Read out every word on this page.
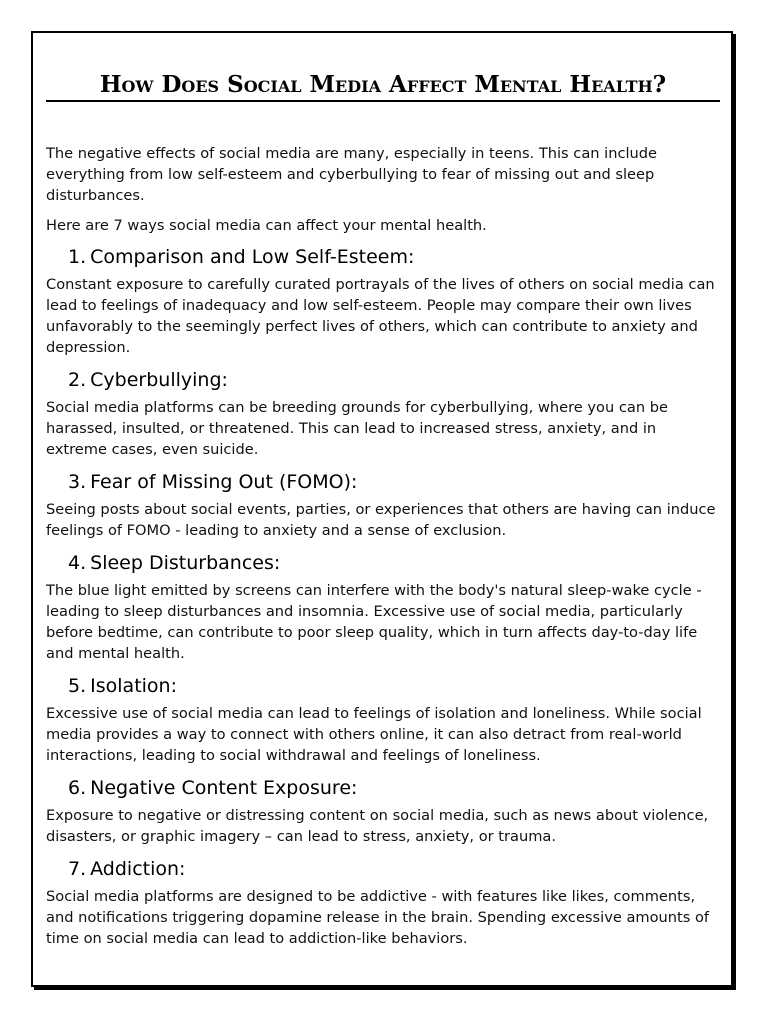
How Does Social Media Affect Mental Health?

The negative effects of social media are many, especially in teens. This can include everything from low self-esteem and cyberbullying to fear of missing out and sleep disturbances.

Here are 7 ways social media can affect your mental health.

1. Comparison and Low Self-Esteem:

Constant exposure to carefully curated portrayals of the lives of others on social media can lead to feelings of inadequacy and low self-esteem. People may compare their own lives unfavorably to the seemingly perfect lives of others, which can contribute to anxiety and depression.

2. Cyberbullying:

Social media platforms can be breeding grounds for cyberbullying, where you can be harassed, insulted, or threatened. This can lead to increased stress, anxiety, and in extreme cases, even suicide.

3. Fear of Missing Out (FOMO):

Seeing posts about social events, parties, or experiences that others are having can induce feelings of FOMO - leading to anxiety and a sense of exclusion.

4. Sleep Disturbances:

The blue light emitted by screens can interfere with the body's natural sleep-wake cycle - leading to sleep disturbances and insomnia. Excessive use of social media, particularly before bedtime, can contribute to poor sleep quality, which in turn affects day-to-day life and mental health.

5. Isolation:

Excessive use of social media can lead to feelings of isolation and loneliness. While social media provides a way to connect with others online, it can also detract from real-world interactions, leading to social withdrawal and feelings of loneliness.

6. Negative Content Exposure:

Exposure to negative or distressing content on social media, such as news about violence, disasters, or graphic imagery – can lead to stress, anxiety, or trauma.

7. Addiction:

Social media platforms are designed to be addictive - with features like likes, comments, and notifications triggering dopamine release in the brain. Spending excessive amounts of time on social media can lead to addiction-like behaviors.
